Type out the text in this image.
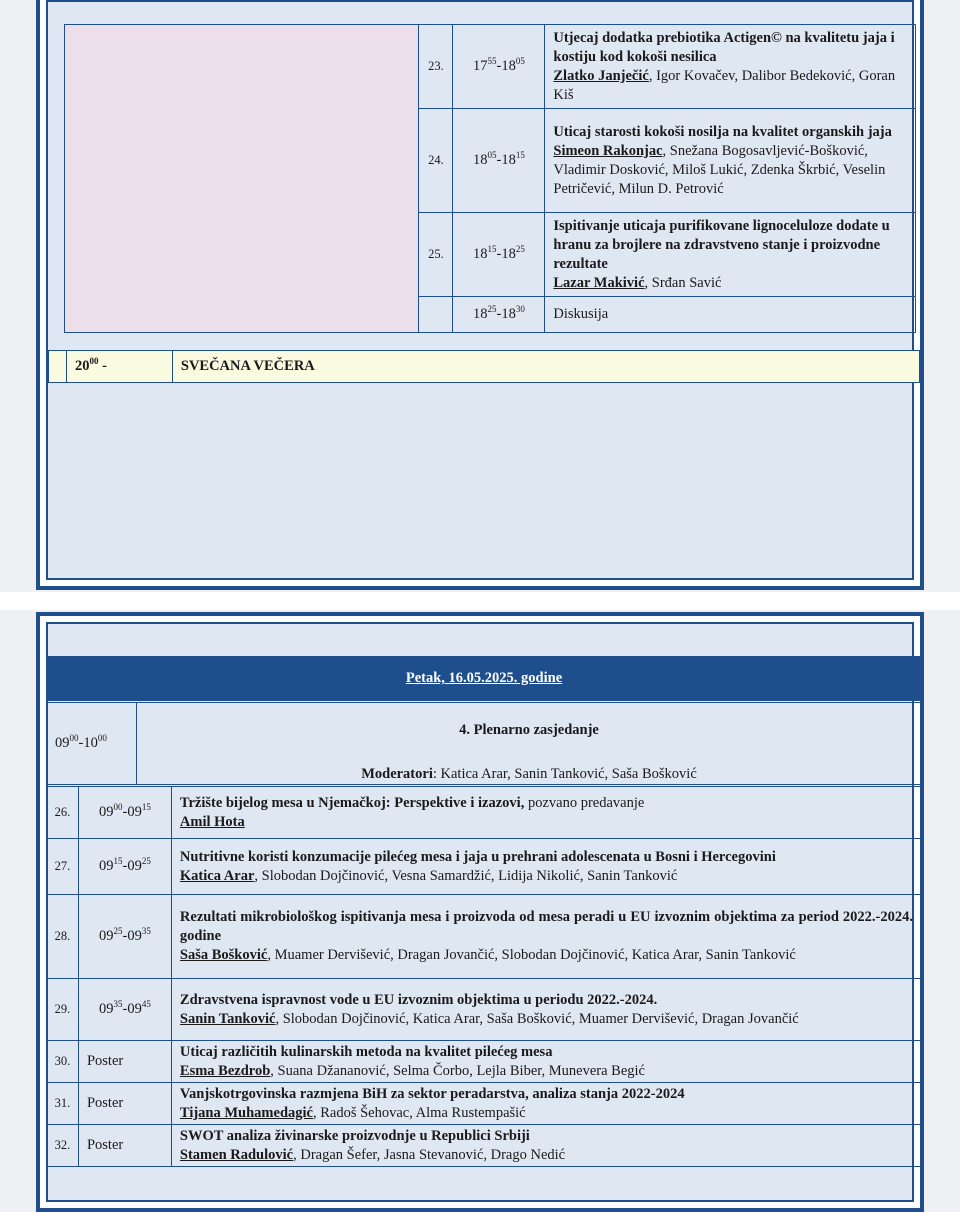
	23.	$17^{55}-18^{05}$	Utjecaj dodatka prebiotika Actigen© na kvalitetu jaja i kostiju kod kokoši nesilica
Zlatko Janječić, Igor Kovačev, Dalibor Bedeković, Goran Kiš

	24.	$18^{05}-18^{15}$	Uticaj starosti kokoši nosilja na kvalitet organskih jaja
Simeon Rakonjac, Snežana Bogosavljević-Bošković, Vladimir Dosković, Miloš Lukić, Zdenka Škrbić, Veselin Petričević, Milun D. Petrović

	25.	$18^{15}-18^{25}$	Ispitivanje uticaja purifikovane lignoceluloze dodate u hranu za brojlere na zdravstveno stanje i proizvodne rezultate
Lazar Makivić, Srđan Savić

		$18^{25}-18^{30}$	Diskusija
	$20^{00}$ -	SVEČANA VEČERA
Petak, 16.05.2025. godine
$09^{00}-10^{00}$	4. Plenarno zasjedanje
Moderatori: Katica Arar, Sanin Tanković, Saša Bošković
26.	$09^{00}-09^{15}$	Tržište bijelog mesa u Njemačkoj: Perspektive i izazovi, pozvano predavanje
Amil Hota

27.	$09^{15}-09^{25}$	Nutritivne koristi konzumacije pilećeg mesa i jaja u prehrani adolescenata u Bosni i Hercegovini
Katica Arar, Slobodan Dojčinović, Vesna Samardžić, Lidija Nikolić, Sanin Tanković

28.	$09^{25}-09^{35}$	Rezultati mikrobiološkog ispitivanja mesa i proizvoda od mesa peradi u EU izvoznim objektima za period 2022.-2024. godine
Saša Bošković, Muamer Dervišević, Dragan Jovančić, Slobodan Dojčinović, Katica Arar, Sanin Tanković

29.	$09^{35}-09^{45}$	Zdravstvena ispravnost vode u EU izvoznim objektima u periodu 2022.-2024.
Sanin Tanković, Slobodan Dojčinović, Katica Arar, Saša Bošković, Muamer Dervišević, Dragan Jovančić

30.	Poster	Uticaj različitih kulinarskih metoda na kvalitet pilećeg mesa
Esma Bezdrob, Suana Džananović, Selma Čorbo, Lejla Biber, Munevera Begić

31.	Poster	Vanjskotrgovinska razmjena BiH za sektor peradarstva, analiza stanja 2022-2024
Tijana Muhamedagić, Radoš Šehovac, Alma Rustempašić

32.	Poster	SWOT analiza živinarske proizvodnje u Republici Srbiji
Stamen Radulović, Dragan Šefer, Jasna Stevanović, Drago Nedić
